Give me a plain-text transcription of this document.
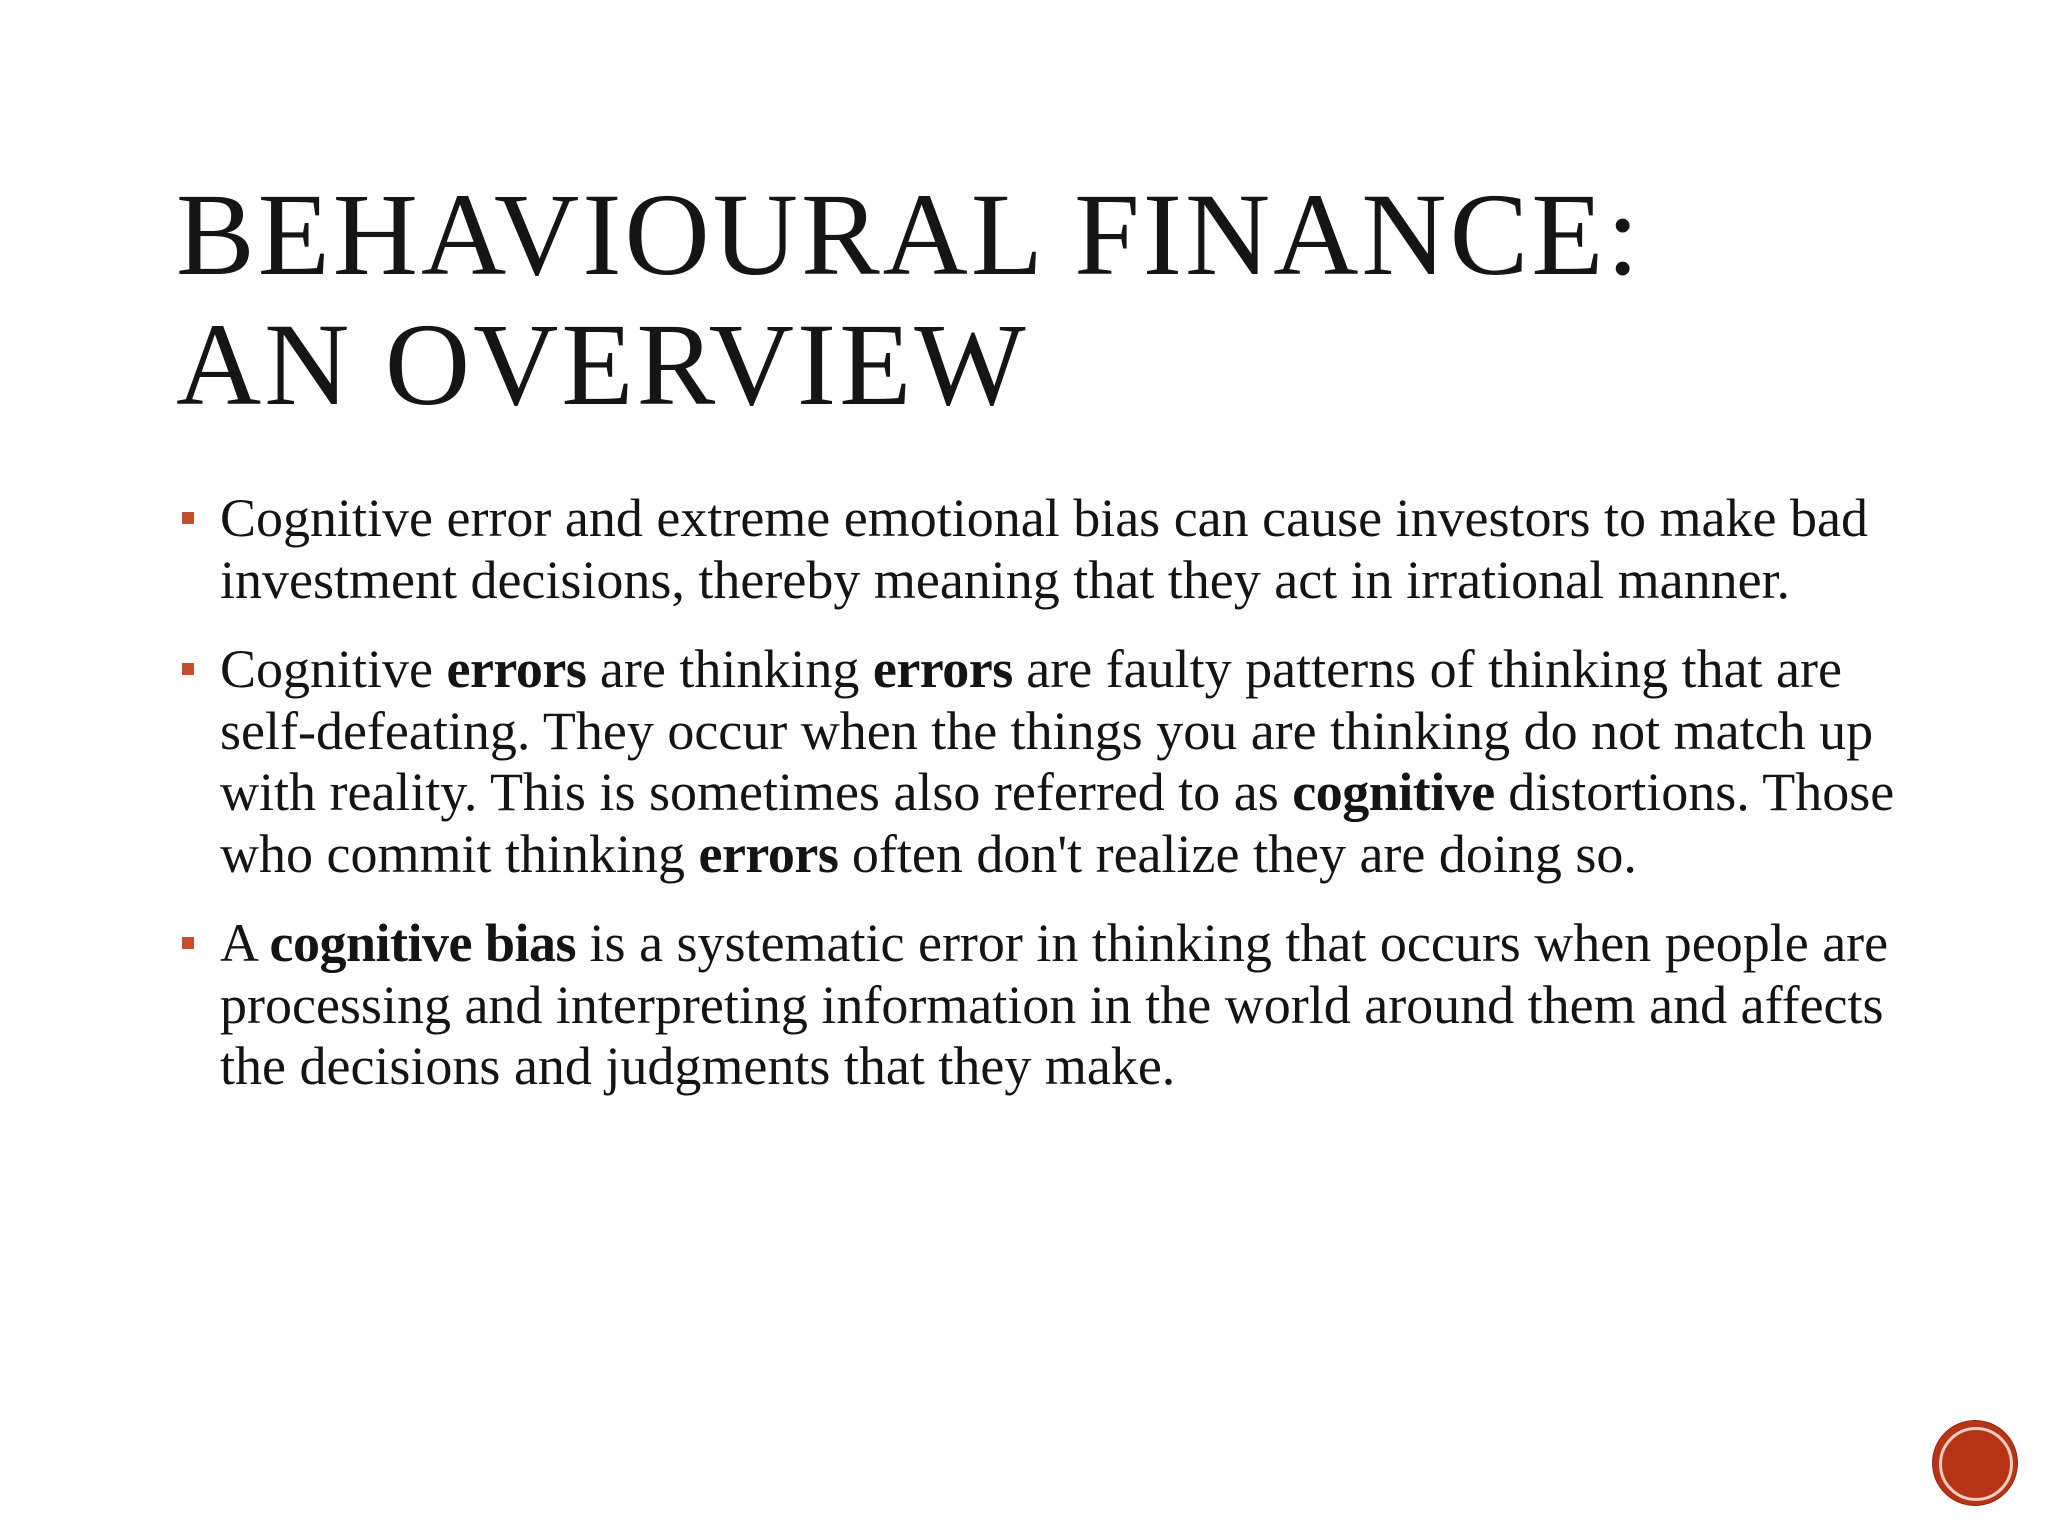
BEHAVIOURAL FINANCE:
AN OVERVIEW
Cognitive error and extreme emotional bias can cause investors to make bad investment decisions, thereby meaning that they act in irrational manner.
Cognitive errors are thinking errors are faulty patterns of thinking that are self-defeating. They occur when the things you are thinking do not match up with reality. This is sometimes also referred to as cognitive distortions. Those who commit thinking errors often don't realize they are doing so.
A cognitive bias is a systematic error in thinking that occurs when people are processing and interpreting information in the world around them and affects the decisions and judgments that they make.
